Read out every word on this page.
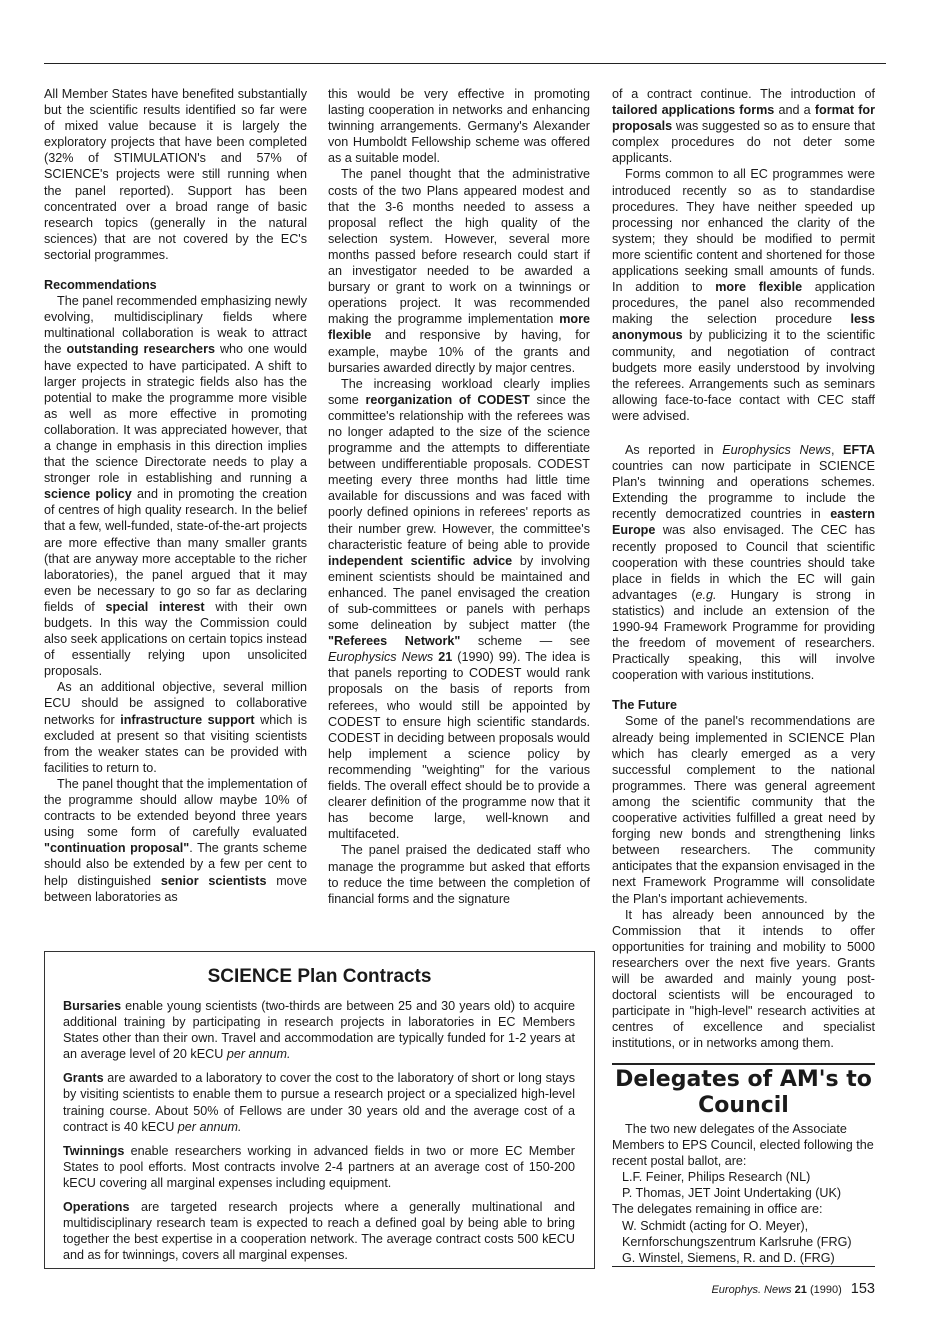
All Member States have benefited substantially but the scientific results identified so far were of mixed value because it is largely the exploratory projects that have been completed (32% of STIMULATION's and 57% of SCIENCE's projects were still running when the panel reported). Support has been concentrated over a broad range of basic research topics (generally in the natural sciences) that are not covered by the EC's sectorial programmes.

Recommendations

The panel recommended emphasizing newly evolving, multidisciplinary fields where multinational collaboration is weak to attract the outstanding researchers who one would have expected to have participated. A shift to larger projects in strategic fields also has the potential to make the programme more visible as well as more effective in promoting collaboration. It was appreciated however, that a change in emphasis in this direction implies that the science Directorate needs to play a stronger role in establishing and running a science policy and in promoting the creation of centres of high quality research. In the belief that a few, well-funded, state-of-the-art projects are more effective than many smaller grants (that are anyway more acceptable to the richer laboratories), the panel argued that it may even be necessary to go so far as declaring fields of special interest with their own budgets. In this way the Commission could also seek applications on certain topics instead of essentially relying upon unsolicited proposals.

As an additional objective, several million ECU should be assigned to collaborative networks for infrastructure support which is excluded at present so that visiting scientists from the weaker states can be provided with facilities to return to.

The panel thought that the implementation of the programme should allow maybe 10% of contracts to be extended beyond three years using some form of carefully evaluated "continuation proposal". The grants scheme should also be extended by a few per cent to help distinguished senior scientists move between laboratories as

this would be very effective in promoting lasting cooperation in networks and enhancing twinning arrangements. Germany's Alexander von Humboldt Fellowship scheme was offered as a suitable model.

The panel thought that the administrative costs of the two Plans appeared modest and that the 3-6 months needed to assess a proposal reflect the high quality of the selection system. However, several more months passed before research could start if an investigator needed to be awarded a bursary or grant to work on a twinnings or operations project. It was recommended making the programme implementation more flexible and responsive by having, for example, maybe 10% of the grants and bursaries awarded directly by major centres.

The increasing workload clearly implies some reorganization of CODEST since the committee's relationship with the referees was no longer adapted to the size of the science programme and the attempts to differentiate between undifferentiable proposals. CODEST meeting every three months had little time available for discussions and was faced with poorly defined opinions in referees' reports as their number grew. However, the committee's characteristic feature of being able to provide independent scientific advice by involving eminent scientists should be maintained and enhanced. The panel envisaged the creation of sub-committees or panels with perhaps some delineation by subject matter (the "Referees Network" scheme — see Europhysics News 21 (1990) 99). The idea is that panels reporting to CODEST would rank proposals on the basis of reports from referees, who would still be appointed by CODEST to ensure high scientific standards. CODEST in deciding between proposals would help implement a science policy by recommending "weighting" for the various fields. The overall effect should be to provide a clearer definition of the programme now that it has become large, well-known and multifaceted.

The panel praised the dedicated staff who manage the programme but asked that efforts to reduce the time between the completion of financial forms and the signature

of a contract continue. The introduction of tailored applications forms and a format for proposals was suggested so as to ensure that complex procedures do not deter some applicants.

Forms common to all EC programmes were introduced recently so as to standardise procedures. They have neither speeded up processing nor enhanced the clarity of the system; they should be modified to permit more scientific content and shortened for those applications seeking small amounts of funds. In addition to more flexible application procedures, the panel also recommended making the selection procedure less anonymous by publicizing it to the scientific community, and negotiation of contract budgets more easily understood by involving the referees. Arrangements such as seminars allowing face-to-face contact with CEC staff were advised.

As reported in Europhysics News, EFTA countries can now participate in SCIENCE Plan's twinning and operations schemes. Extending the programme to include the recently democratized countries in eastern Europe was also envisaged. The CEC has recently proposed to Council that scientific cooperation with these countries should take place in fields in which the EC will gain advantages (e.g. Hungary is strong in statistics) and include an extension of the 1990-94 Framework Programme for providing the freedom of movement of researchers. Practically speaking, this will involve cooperation with various institutions.

The Future

Some of the panel's recommendations are already being implemented in SCIENCE Plan which has clearly emerged as a very successful complement to the national programmes. There was general agreement among the scientific community that the cooperative activities fulfilled a great need by forging new bonds and strengthening links between researchers. The community anticipates that the expansion envisaged in the next Framework Programme will consolidate the Plan's important achievements.

It has already been announced by the Commission that it intends to offer opportunities for training and mobility to 5000 researchers over the next five years. Grants will be awarded and mainly young post-doctoral scientists will be encouraged to participate in "high-level" research activities at centres of excellence and specialist institutions, or in networks among them.

SCIENCE Plan Contracts

Bursaries enable young scientists (two-thirds are between 25 and 30 years old) to acquire additional training by participating in research projects in laboratories in EC Members States other than their own. Travel and accommodation are typically funded for 1-2 years at an average level of 20 kECU per annum.

Grants are awarded to a laboratory to cover the cost to the laboratory of short or long stays by visiting scientists to enable them to pursue a research project or a specialized high-level training course. About 50% of Fellows are under 30 years old and the average cost of a contract is 40 kECU per annum.

Twinnings enable researchers working in advanced fields in two or more EC Member States to pool efforts. Most contracts involve 2-4 partners at an average cost of 150-200 kECU covering all marginal expenses including equipment.

Operations are targeted research projects where a generally multinational and multidisciplinary research team is expected to reach a defined goal by being able to bring together the best expertise in a cooperation network. The average contract costs 500 kECU and as for twinnings, covers all marginal expenses.

Delegates of AM's to Council

The two new delegates of the Associate Members to EPS Council, elected following the recent postal ballot, are:

L.F. Feiner, Philips Research (NL)

P. Thomas, JET Joint Undertaking (UK)

The delegates remaining in office are:

W. Schmidt (acting for O. Meyer), Kernforschungszentrum Karlsruhe (FRG)

G. Winstel, Siemens, R. and D. (FRG)

Europhys. News 21 (1990) 153
